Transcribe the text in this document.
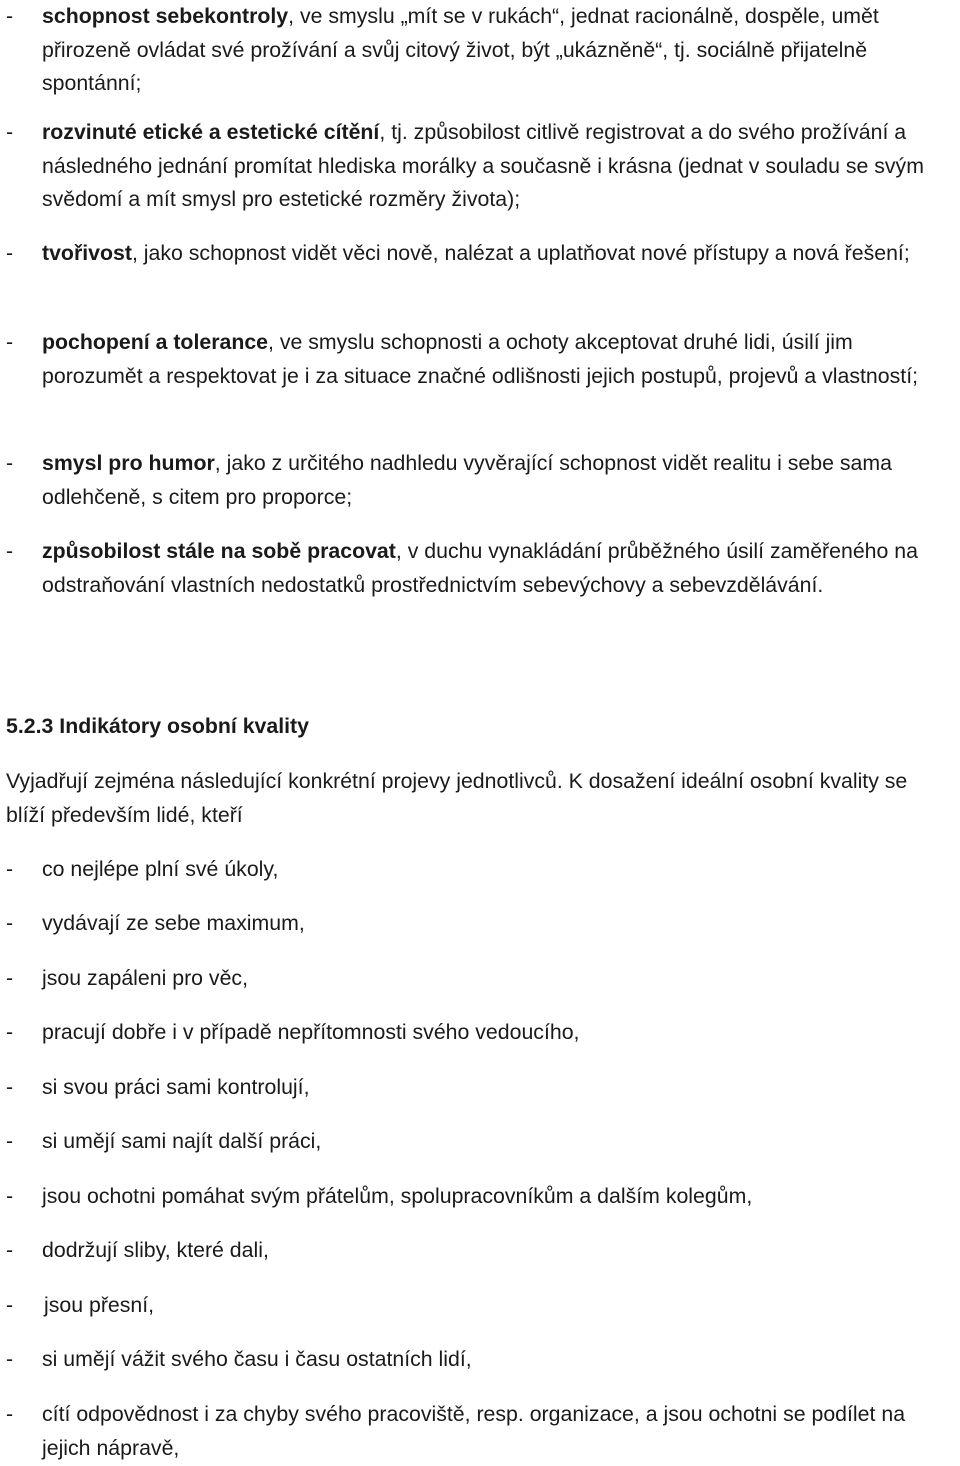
-	schopnost sebekontroly, ve smyslu „mít se v rukách“, jednat racionálně, dospěle, umět přirozeně ovládat své prožívání a svůj citový život, být „ukázněně“, tj. sociálně přijatelně spontánní;
-	rozvinuté etické a estetické cítění, tj. způsobilost citlivě registrovat a do svého prožívání a následného jednání promítat hlediska morálky a současně i krásna (jednat v souladu se svým svědomí a mít smysl pro estetické rozměry života);
-	tvořivost, jako schopnost vidět věci nově, nalézat a uplatňovat nové přístupy a nová řešení;
-	pochopení a tolerance, ve smyslu schopnosti a ochoty akceptovat druhé lidi, úsilí jim porozumět a respektovat je i za situace značné odlišnosti jejich postupů, projevů a vlastností;
-	smysl pro humor, jako z určitého nadhledu vyvěrající schopnost vidět realitu i sebe sama odlehčeně, s citem pro proporce;
-	způsobilost stále na sobě pracovat, v duchu vynakládání průběžného úsilí zaměřeného na odstraňování vlastních nedostatků prostřednictvím sebevýchovy a sebevzdělávání.
5.2.3 Indikátory osobní kvality
Vyjadřují zejména následující konkrétní projevy jednotlivců. K dosažení ideální osobní kvality se blíží především lidé, kteří
-	co nejlépe plní své úkoly,
-	vydávají ze sebe maximum,
-	jsou zapáleni pro věc,
-	pracují dobře i v případě nepřítomnosti svého vedoucího,
-	si svou práci sami kontrolují,
-	si umějí sami najít další práci,
-	jsou ochotni pomáhat svým přátelům, spolupracovníkům a dalším kolegům,
-	dodržují sliby, které dali,
-	jsou přesní,
-	si umějí vážit svého času i času ostatních lidí,
-	cítí odpovědnost i za chyby svého pracoviště, resp. organizace, a jsou ochotni se podílet na jejich nápravě,
